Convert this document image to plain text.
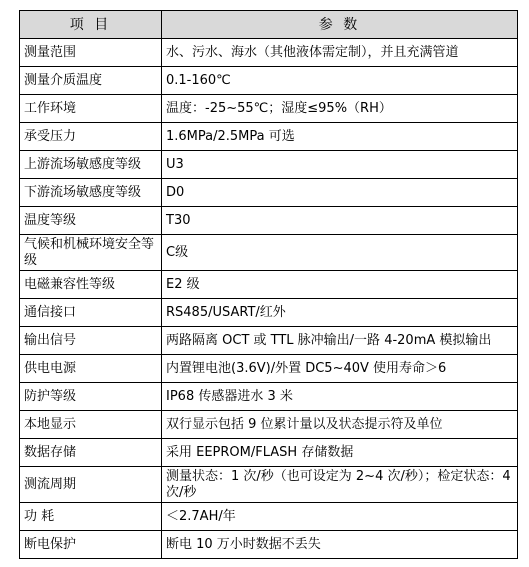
项 目	参 数
测量范围	水、污水、海水（其他液体需定制），并且充满管道
测量介质温度	0.1-160℃
工作环境	温度：-25~55℃；湿度≤95%（RH）
承受压力	1.6MPa/2.5MPa 可选
上游流场敏感度等级	U3
下游流场敏感度等级	D0
温度等级	T30
气候和机械环境安全等级	C级
电磁兼容性等级	E2 级
通信接口	RS485/USART/红外
输出信号	两路隔离 OCT 或 TTL 脉冲输出/一路 4-20mA 模拟输出
供电电源	内置锂电池(3.6V)/外置 DC5~40V 使用寿命＞6
防护等级	IP68 传感器进水 3 米
本地显示	双行显示包括 9 位累计量以及状态提示符及单位
数据存储	采用 EEPROM/FLASH 存储数据
测流周期	测量状态：1 次/秒（也可设定为 2~4 次/秒）；检定状态：4 次/秒
功 耗	＜2.7AH/年
断电保护	断电 10 万小时数据不丢失
